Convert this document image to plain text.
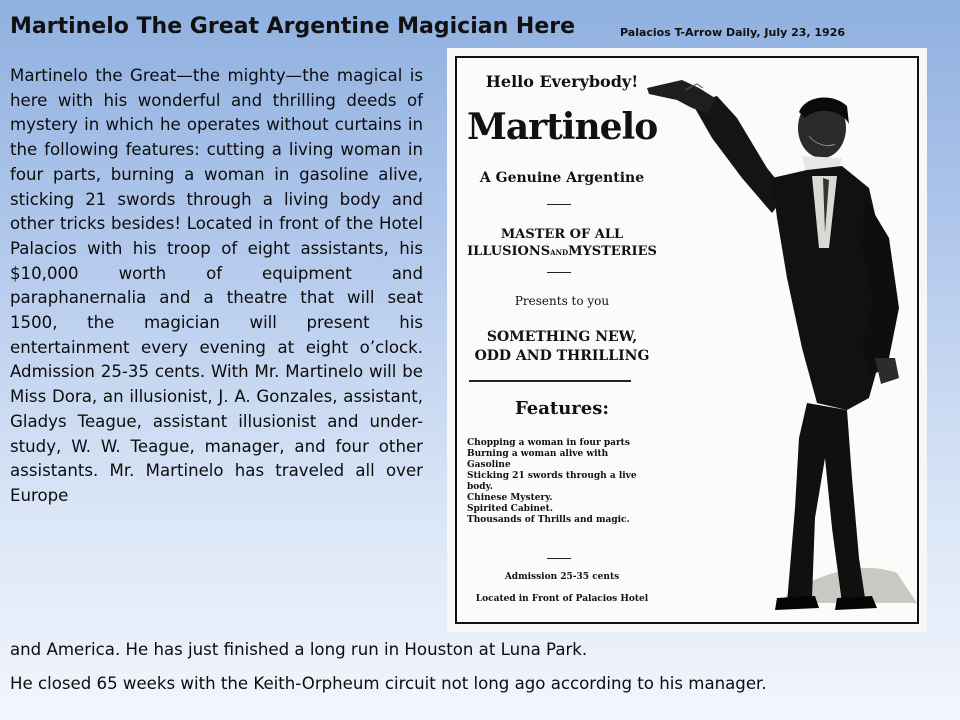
Martinelo The Great Argentine Magician Here	Palacios T-Arrow Daily, July 23, 1926
Martinelo the Great—the mighty—the magical is here with his wonderful and thrilling deeds of mystery in which he operates without curtains in the following features: cutting a living woman in four parts, burning a woman in gasoline alive, sticking 21 swords through a living body and other tricks besides! Located in front of the Hotel Palacios with his troop of eight assistants, his $10,000 worth of equipment and paraphanernalia and a theatre that will seat 1500, the magician will present his entertainment every evening at eight o’clock. Admission 25-35 cents. With Mr. Martinelo will be Miss Dora, an illusionist, J. A. Gonzales, assistant, Gladys Teague, assistant illusionist and under-study, W. W. Teague, manager, and four other assistants. Mr. Martinelo has traveled all over Europe
and America. He has just finished a long run in Houston at Luna Park.
He closed 65 weeks with the Keith-Orpheum circuit not long ago according to his manager.
Hello Everybody!
Martinelo
A Genuine Argentine
MASTER OF ALL
ILLUSIONSANDMYSTERIES
Presents to you
SOMETHING NEW,
ODD AND THRILLING
Features:
Chopping a woman in four parts
Burning a woman alive with Gasoline
Sticking 21 swords through a live body.
Chinese Mystery.
Spirited Cabinet.
Thousands of Thrills and magic.
Admission 25-35 cents
Located in Front of Palacios Hotel
